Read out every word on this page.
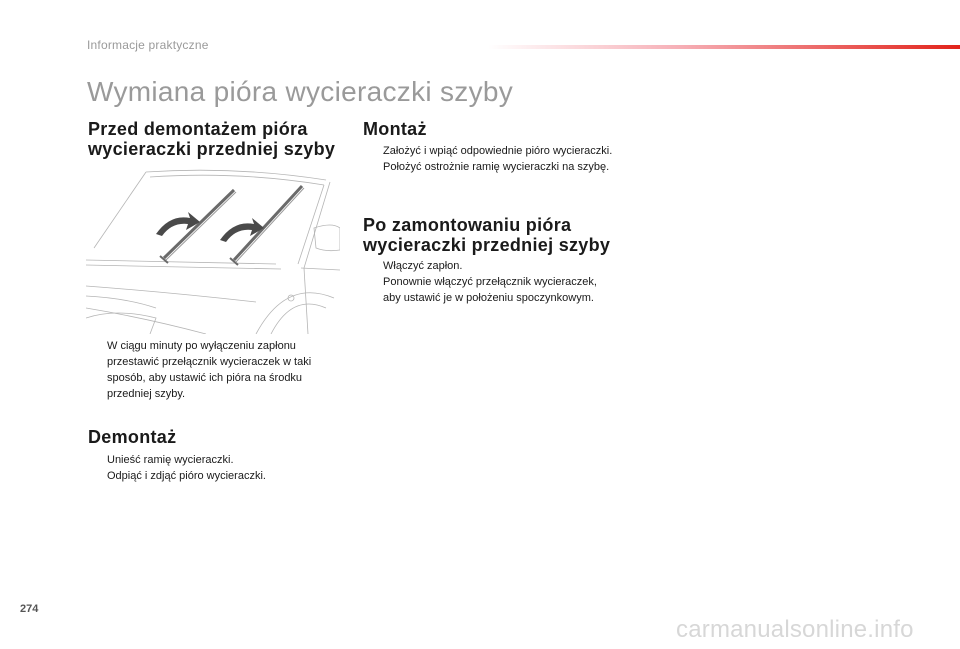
Informacje praktyczne
Wymiana pióra wycieraczki szyby
Przed demontażem pióra
wycieraczki przedniej szyby
W ciągu minuty po wyłączeniu zapłonu przestawić przełącznik wycieraczek w taki sposób, aby ustawić ich pióra na środku przedniej szyby.
Demontaż
Unieść ramię wycieraczki.
Odpiąć i zdjąć pióro wycieraczki.
Montaż
Założyć i wpiąć odpowiednie pióro wycieraczki.
Położyć ostrożnie ramię wycieraczki na szybę.
Po zamontowaniu pióra
wycieraczki przedniej szyby
Włączyć zapłon.
Ponownie włączyć przełącznik wycieraczek, aby ustawić je w położeniu spoczynkowym.
274
carmanualsonline.info
